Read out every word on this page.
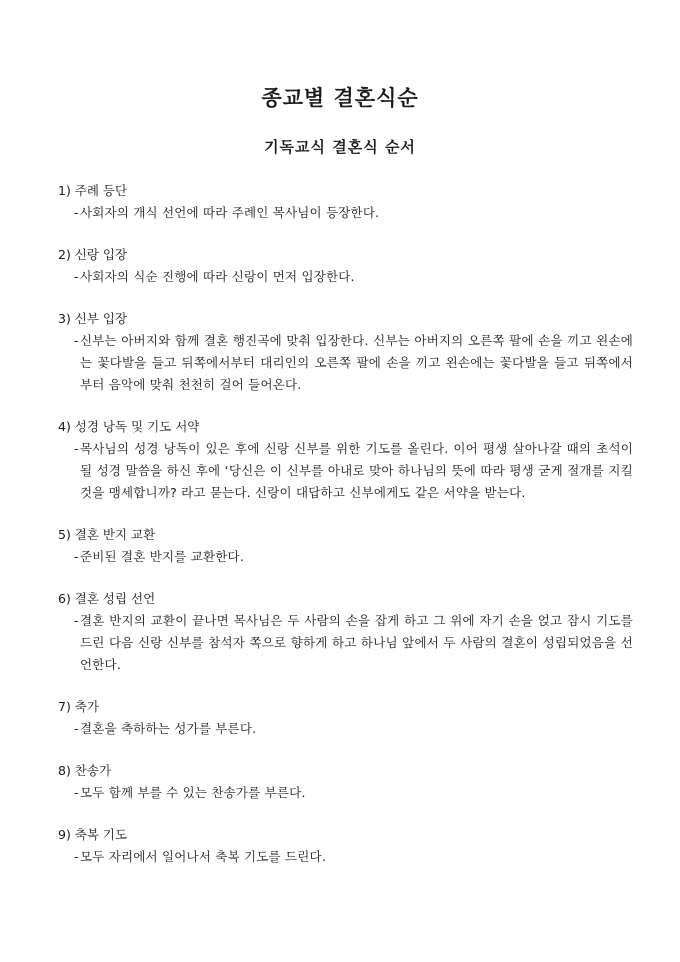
종교별 결혼식순
기독교식 결혼식 순서
1) 주례 등단
- 사회자의 개식 선언에 따라 주례인 목사님이 등장한다.
2) 신랑 입장
- 사회자의 식순 진행에 따라 신랑이 먼저 입장한다.
3) 신부 입장
- 신부는 아버지와 함께 결혼 행진곡에 맞춰 입장한다. 신부는 아버지의 오른쪽 팔에 손을 끼고 왼손에는 꽃다발을 들고 뒤쪽에서부터 대리인의 오른쪽 팔에 손을 끼고 왼손에는 꽃다발을 들고 뒤쪽에서부터 음악에 맞춰 천천히 걸어 들어온다.
4) 성경 낭독 및 기도 서약
- 목사님의 성경 낭독이 있은 후에 신랑 신부를 위한 기도를 올린다. 이어 평생 살아나갈 때의 초석이 될 성경 말씀을 하신 후에 ‘당신은 이 신부를 아내로 맞아 하나님의 뜻에 따라 평생 굳게 절개를 지킬 것을 맹세합니까? 라고 묻는다. 신랑이 대답하고 신부에게도 같은 서약을 받는다.
5) 결혼 반지 교환
- 준비된 결혼 반지를 교환한다.
6) 결혼 성립 선언
- 결혼 반지의 교환이 끝나면 목사님은 두 사람의 손을 잡게 하고 그 위에 자기 손을 얹고 잠시 기도를 드린 다음 신랑 신부를 참석자 쪽으로 향하게 하고 하나님 앞에서 두 사람의 결혼이 성립되었음을 선언한다.
7) 축가
- 결혼을 축하하는 성가를 부른다.
8) 찬송가
- 모두 함께 부를 수 있는 찬송가를 부른다.
9) 축복 기도
- 모두 자리에서 일어나서 축복 기도를 드린다.
